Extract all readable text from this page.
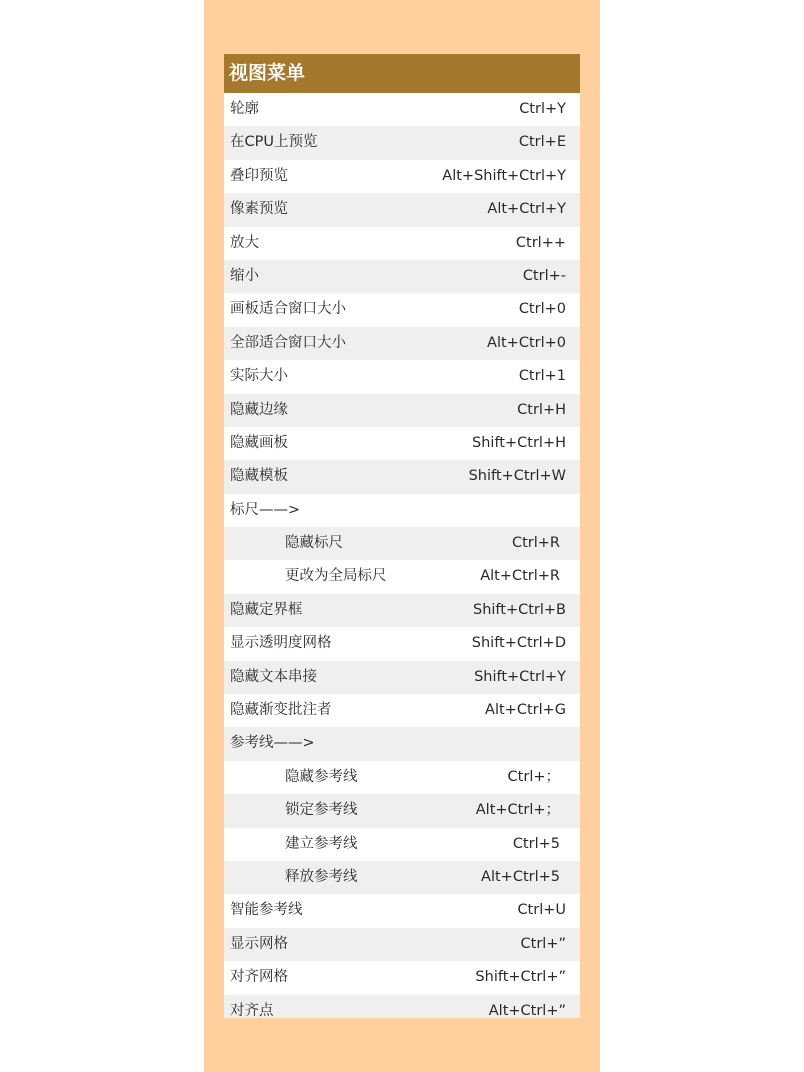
视图菜单
轮廓	Ctrl+Y
在CPU上预览	Ctrl+E
叠印预览	Alt+Shift+Ctrl+Y
像素预览	Alt+Ctrl+Y
放大	Ctrl++
缩小	Ctrl+-
画板适合窗口大小	Ctrl+0
全部适合窗口大小	Alt+Ctrl+0
实际大小	Ctrl+1
隐藏边缘	Ctrl+H
隐藏画板	Shift+Ctrl+H
隐藏模板	Shift+Ctrl+W
标尺——>
隐藏标尺	Ctrl+R
更改为全局标尺	Alt+Ctrl+R
隐藏定界框	Shift+Ctrl+B
显示透明度网格	Shift+Ctrl+D
隐藏文本串接	Shift+Ctrl+Y
隐藏渐变批注者	Alt+Ctrl+G
参考线——>
隐藏参考线	Ctrl+；
锁定参考线	Alt+Ctrl+；
建立参考线	Ctrl+5
释放参考线	Alt+Ctrl+5
智能参考线	Ctrl+U
显示网格	Ctrl+”
对齐网格	Shift+Ctrl+”
对齐点	Alt+Ctrl+”
